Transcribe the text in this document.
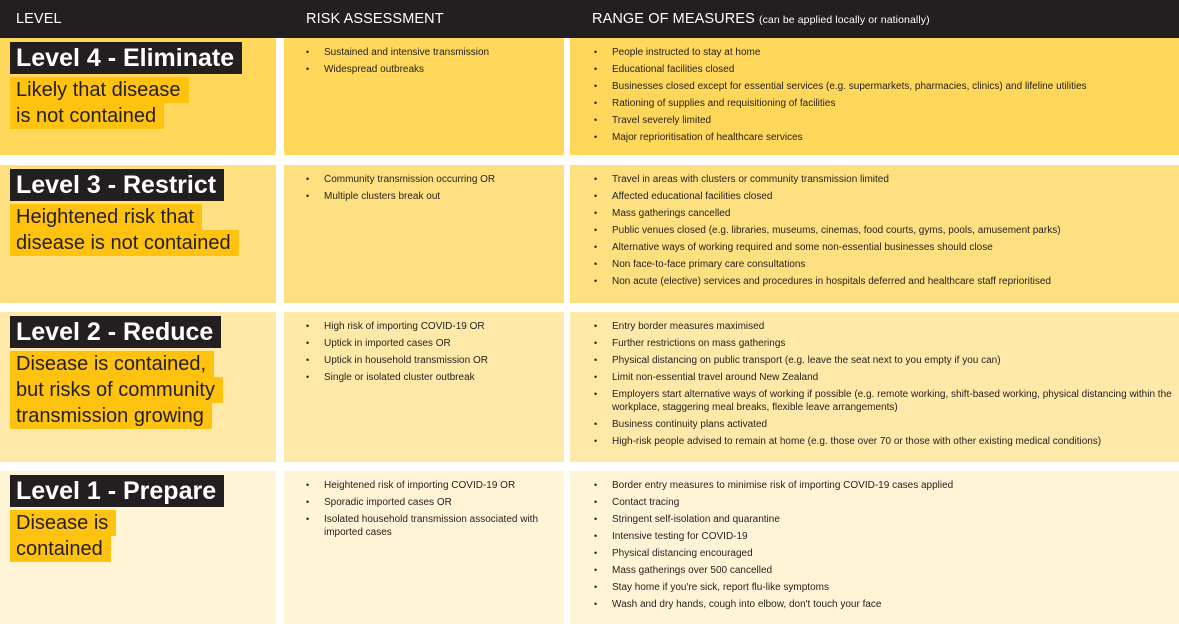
LEVEL	RISK ASSESSMENT	RANGE OF MEASURES (can be applied locally or nationally)
Level 4 - Eliminate
Likely that disease
is not contained
• Sustained and intensive transmission
• Widespread outbreaks
• People instructed to stay at home
• Educational facilities closed
• Businesses closed except for essential services (e.g. supermarkets, pharmacies, clinics) and lifeline utilities
• Rationing of supplies and requisitioning of facilities
• Travel severely limited
• Major reprioritisation of healthcare services
Level 3 - Restrict
Heightened risk that
disease is not contained
• Community transmission occurring OR
• Multiple clusters break out
• Travel in areas with clusters or community transmission limited
• Affected educational facilities closed
• Mass gatherings cancelled
• Public venues closed (e.g. libraries, museums, cinemas, food courts, gyms, pools, amusement parks)
• Alternative ways of working required and some non-essential businesses should close
• Non face-to-face primary care consultations
• Non acute (elective) services and procedures in hospitals deferred and healthcare staff reprioritised
Level 2 - Reduce
Disease is contained,
but risks of community
transmission growing
• High risk of importing COVID-19 OR
• Uptick in imported cases OR
• Uptick in household transmission OR
• Single or isolated cluster outbreak
• Entry border measures maximised
• Further restrictions on mass gatherings
• Physical distancing on public transport (e.g. leave the seat next to you empty if you can)
• Limit non-essential travel around New Zealand
• Employers start alternative ways of working if possible (e.g. remote working, shift-based working, physical distancing within the workplace, staggering meal breaks, flexible leave arrangements)
• Business continuity plans activated
• High-risk people advised to remain at home (e.g. those over 70 or those with other existing medical conditions)
Level 1 - Prepare
Disease is
contained
• Heightened risk of importing COVID-19 OR
• Sporadic imported cases OR
• Isolated household transmission associated with imported cases
• Border entry measures to minimise risk of importing COVID-19 cases applied
• Contact tracing
• Stringent self-isolation and quarantine
• Intensive testing for COVID-19
• Physical distancing encouraged
• Mass gatherings over 500 cancelled
• Stay home if you're sick, report flu-like symptoms
• Wash and dry hands, cough into elbow, don't touch your face
